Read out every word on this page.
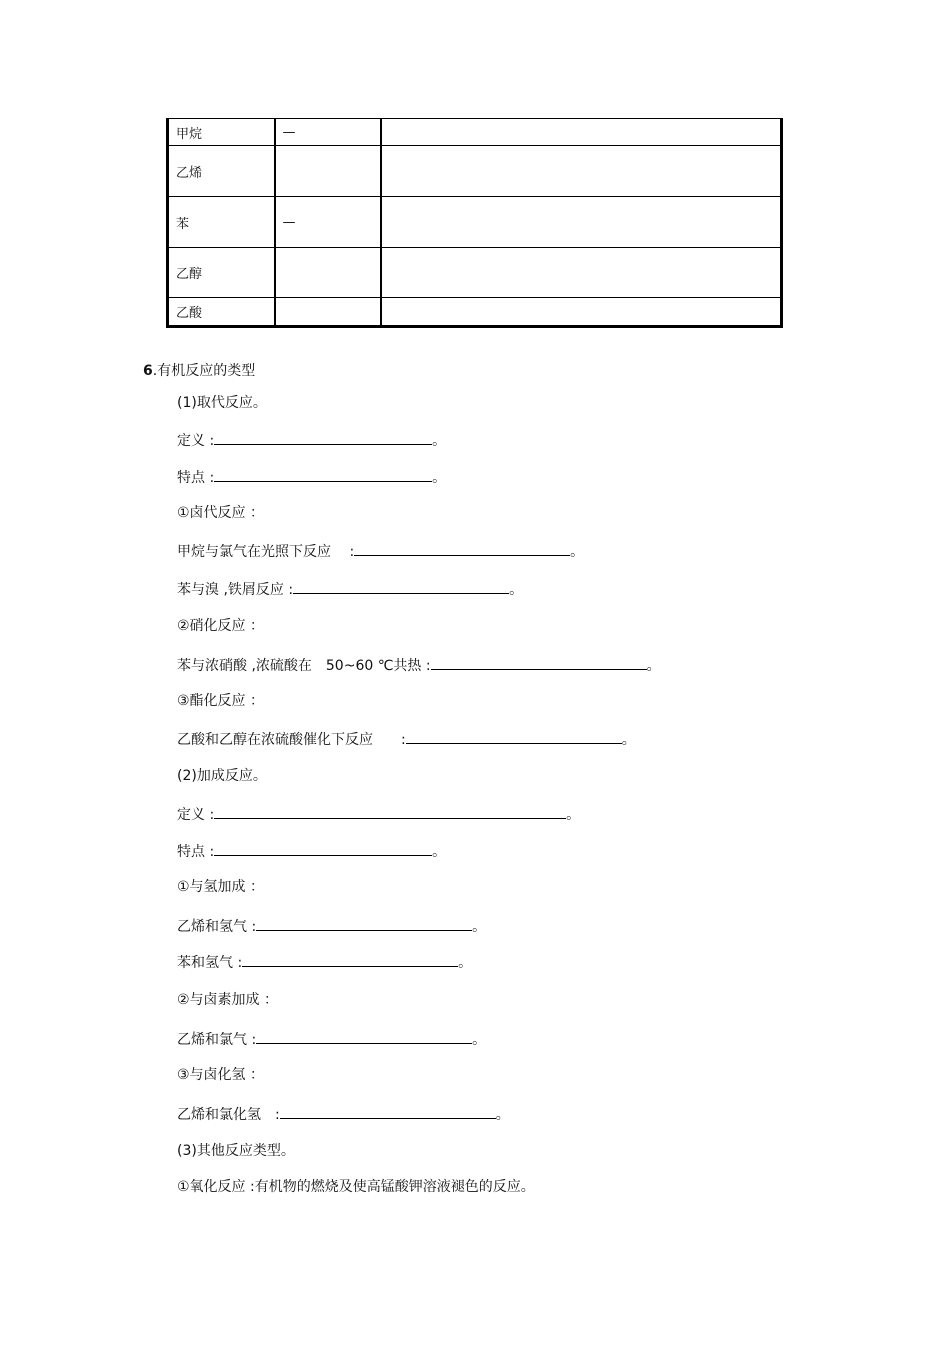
甲烷	—	
乙烯		
苯	—	
乙醇		
乙酸		
6.有机反应的类型
(1)取代反应。
定义 :	。
特点 :	。
①卤代反应 ：
甲烷与氯气在光照下反应　 :	。
苯与溴 ,铁屑反应 :	。
②硝化反应 ：
苯与浓硝酸 ,浓硫酸在　50~60 ℃共热 :	。
③酯化反应 ：
乙酸和乙醇在浓硫酸催化下反应　　:	。
(2)加成反应。
定义 :	。
特点 :	。
①与氢加成 ：
乙烯和氢气 :	。
苯和氢气 :	。
②与卤素加成 ：
乙烯和氯气 :	。
③与卤化氢 ：
乙烯和氯化氢　:	。
(3)其他反应类型。
①氧化反应 :有机物的燃烧及使高锰酸钾溶液褪色的反应。
